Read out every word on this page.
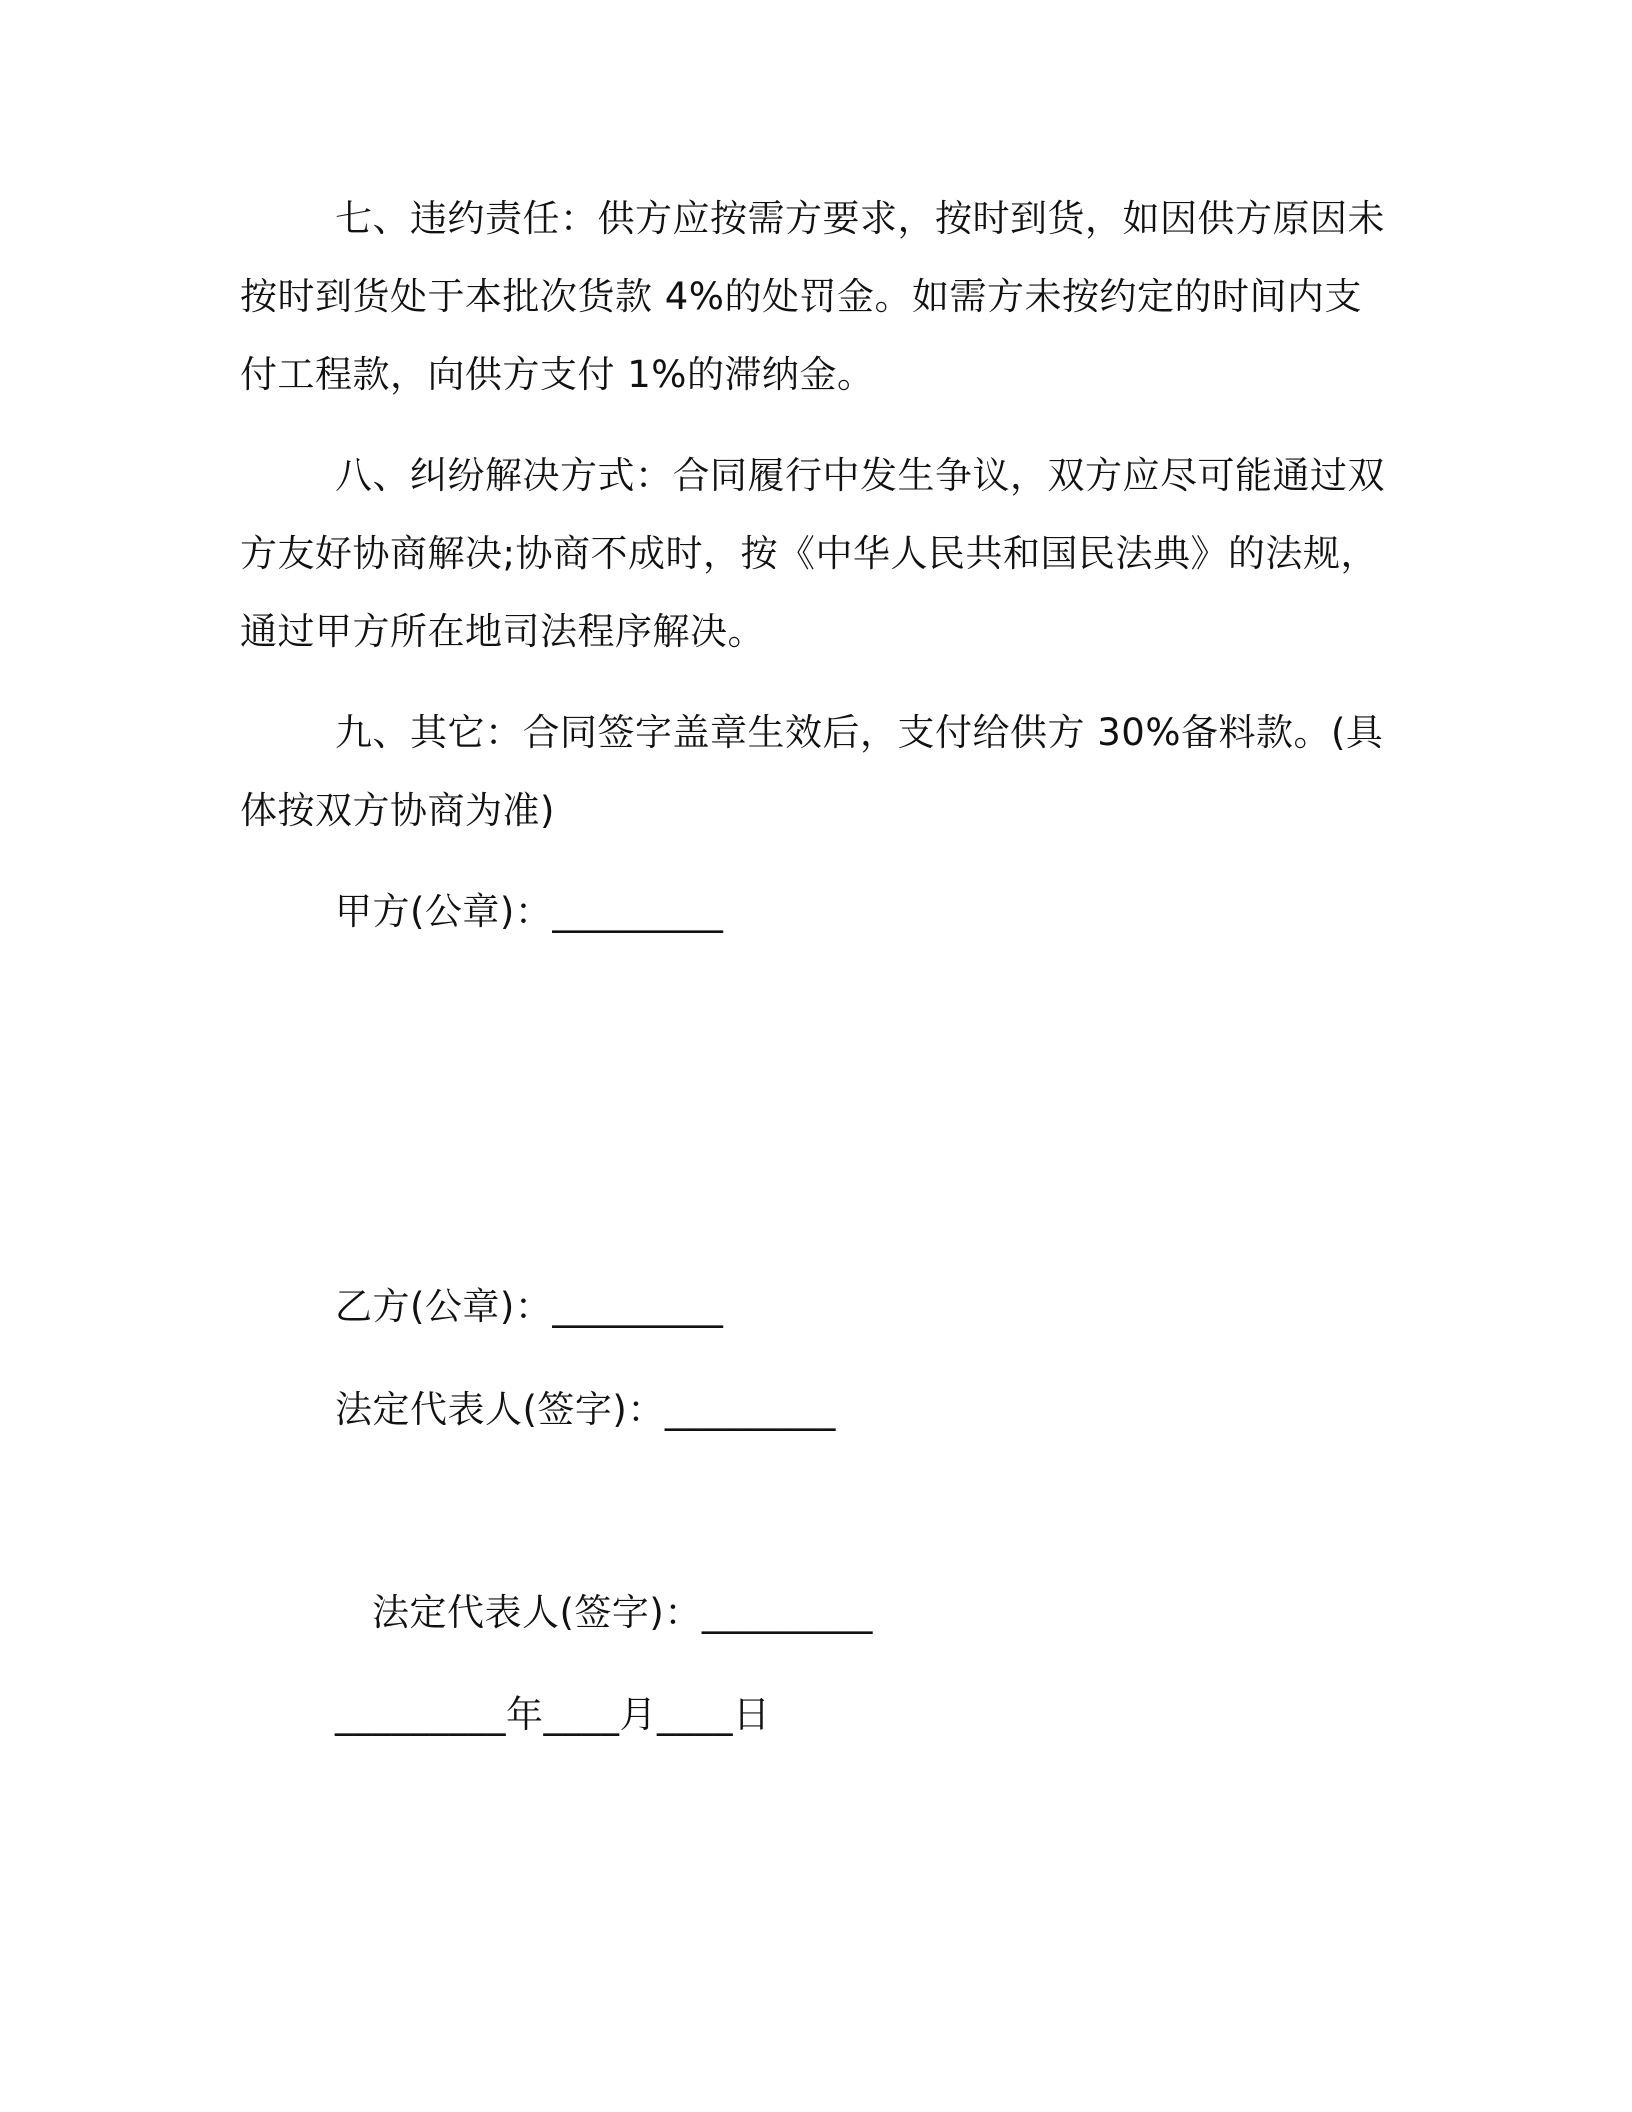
七、违约责任：供方应按需方要求，按时到货，如因供方原因未按时到货处于本批次货款 4%的处罚金。如需方未按约定的时间内支付工程款，向供方支付 1%的滞纳金。

八、纠纷解决方式：合同履行中发生争议，双方应尽可能通过双方友好协商解决;协商不成时，按《中华人民共和国民法典》的法规，通过甲方所在地司法程序解决。

九、其它：合同签字盖章生效后，支付给供方 30%备料款。(具体按双方协商为准)

甲方(公章)：_________
乙方(公章)：_________
法定代表人(签字)：_________
法定代表人(签字)：_________
_________年____月____日
